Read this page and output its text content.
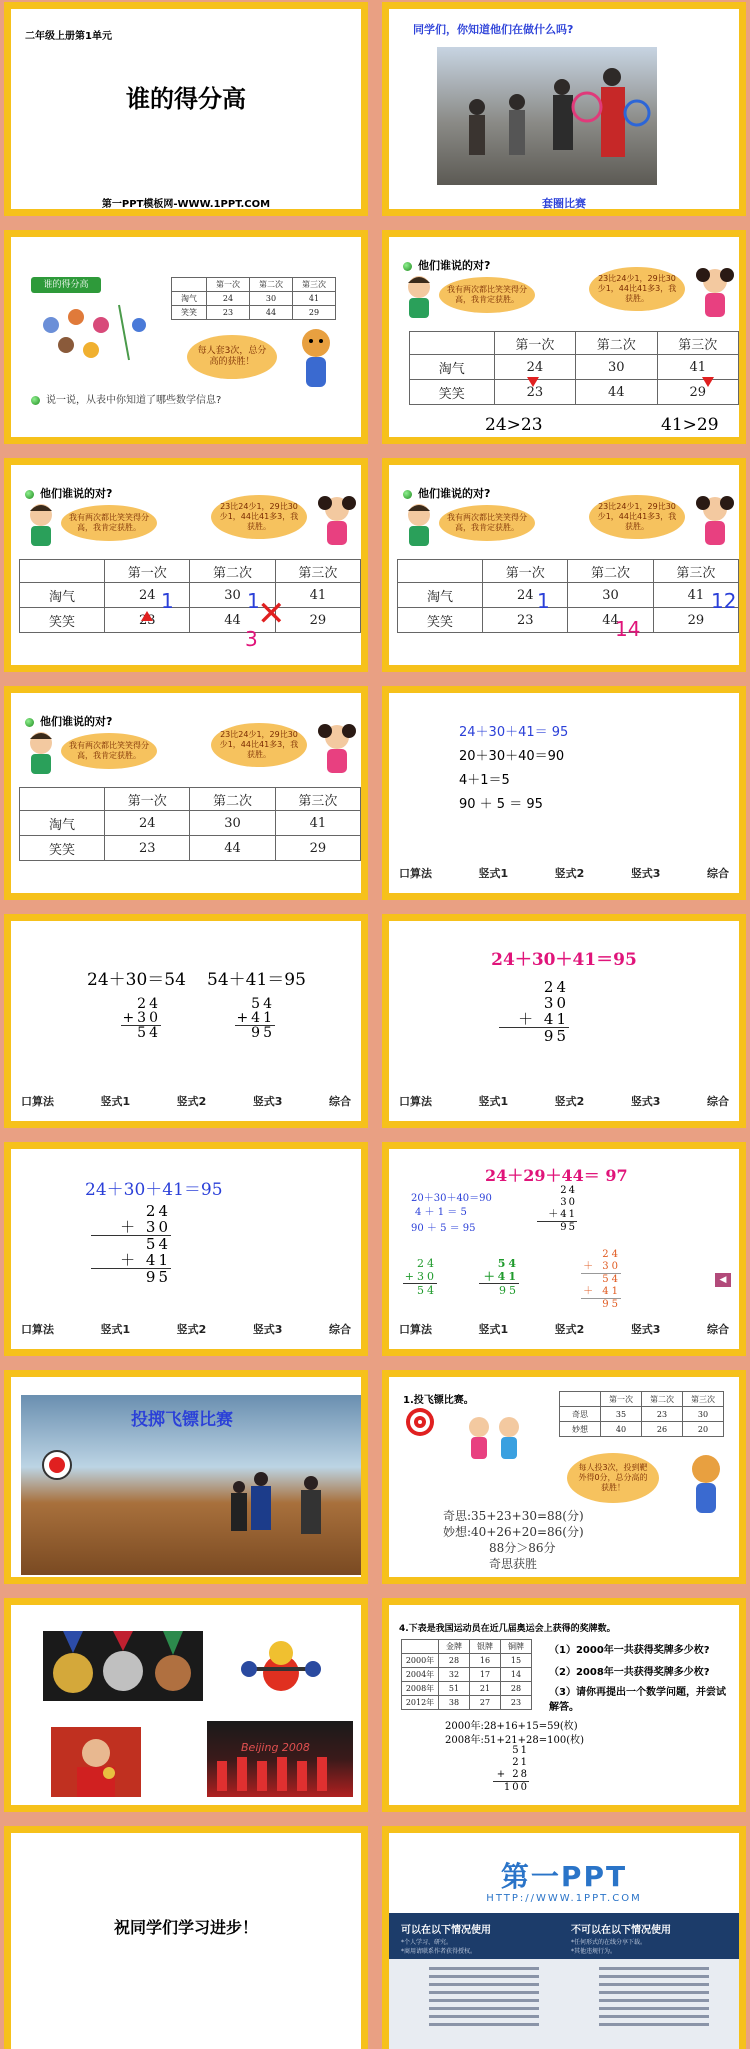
二年级上册第1单元
谁的得分高
第一PPT模板网-WWW.1PPT.COM
同学们，你知道他们在做什么吗?
套圈比赛
谁的得分高
		第一次	第二次	第三次
淘气	24	30	41
笑笑	23	44	29
每人套3次，总分高的获胜！
说一说，从表中你知道了哪些数学信息?
他们谁说的对?
我有两次都比笑笑得分高，我肯定获胜。
23比24少1，29比30少1，44比41多3，我获胜。
	第一次	第二次	第三次
淘气	24	30	41
笑笑	23	44	29
24>23	41>29
他们谁说的对?
我有两次都比笑笑得分高，我肯定获胜。
23比24少1，29比30少1，44比41多3，我获胜。
	第一次	第二次	第三次
淘气	24	30	41
笑笑	23	44	29
1	1
3
✕
他们谁说的对?
我有两次都比笑笑得分高，我肯定获胜。
23比24少1，29比30少1，44比41多3，我获胜。
	第一次	第二次	第三次
淘气	24	30	41
笑笑	23	44	29
1
14
12
他们谁说的对?
我有两次都比笑笑得分高，我肯定获胜。
23比24少1，29比30少1，44比41多3，我获胜。
	第一次	第二次	第三次
淘气	24	30	41
笑笑	23	44	29
24＋30＋41＝ 95
20＋30＋40＝90
4＋1＝5
90 ＋ 5 ＝ 95
口算法	竖式1	竖式2	竖式3	综合
24＋30＝54 54＋41＝95
24
+30
54
54
+41
95
口算法	竖式1	竖式2	竖式3	综合
24＋30＋41＝95
24
30
＋ 41
95
口算法	竖式1	竖式2	竖式3	综合
24＋30＋41＝95
24
＋ 30
54
＋ 41
95
口算法	竖式1	竖式2	竖式3	综合
24＋29＋44＝ 97
20＋30＋40＝90
4 ＋ 1 ＝ 5
90 ＋ 5 ＝ 95
24
30
＋41
95
24
+30
54
54
＋41
95
24
＋ 30
54
＋ 41
95
◀
口算法	竖式1	竖式2	竖式3	综合
投掷飞镖比赛
1.投飞镖比赛。
		第一次	第二次	第三次
奇思	35	23	30
妙想	40	26	20
每人投3次，投到靶外得0分，总分高的获胜！
奇思:35+23+30=88(分)
妙想:40+26+20=86(分)
88分＞86分
奇思获胜
Beijing 2008
4.下表是我国运动员在近几届奥运会上获得的奖牌数。
	金牌	银牌	铜牌
2000年	28	16	15
2004年	32	17	14
2008年	51	21	28
2012年	38	27	23
（1）2000年一共获得奖牌多少枚?
（2）2008年一共获得奖牌多少枚?
（3）请你再提出一个数学问题，并尝试解答。
2000年:28+16+15=59(枚)
2008年:51+21+28=100(枚)
51
21
+ 28
100
祝同学们学习进步！
第一PPT
HTTP://WWW.1PPT.COM
可以在以下情况使用
*个人学习、研究。
*商用请联系作者获得授权。
不可以在以下情况使用
*任何形式的在线分享下载。
*其他违规行为。
